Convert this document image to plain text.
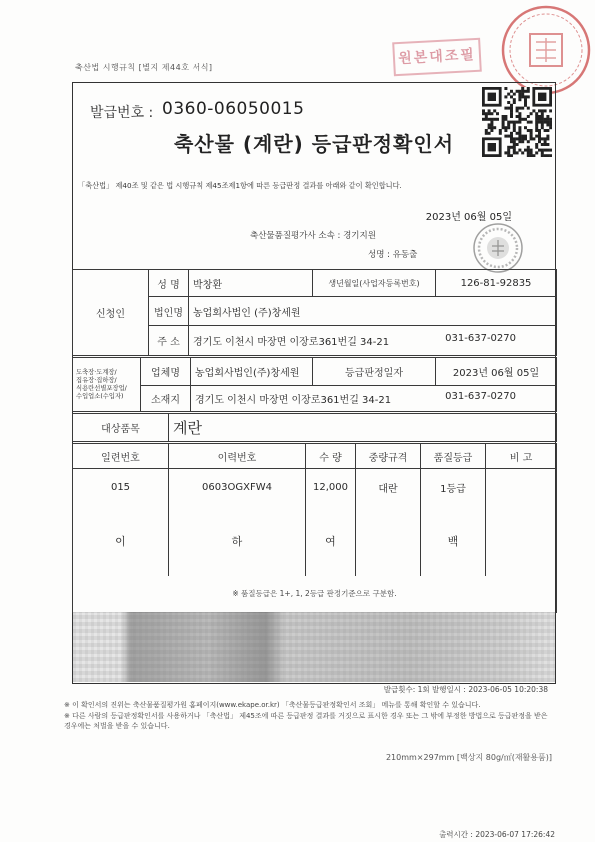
축산법 시행규칙 [별지 제44호 서식]
원본대조필
발급번호 : 0360-06050015
축산물 (계란) 등급판정확인서
「축산법」 제40조 및 같은 법 시행규칙 제45조제1항에 따른 등급판정 결과를 아래와 같이 확인합니다.
2023년 06월 05일
축산물품질평가사 소속 : 경기지원
성명 : 유동출
신청인	성 명	박창환	생년월일(사업자등록번호)	126-81-92835
	법인명	농업회사법인 (주)창세원		
	주 소	경기도 이천시 마장면 이장로361번길 34-21 031-637-0270		
도축장·도계장/
집유장·집하장/
식용란선별포장업/
수입업소(수입자)	업체명	농업회사법인(주)창세원	등급판정일자	2023년 06월 05일
	소재지	경기도 이천시 마장면 이장로361번길 34-21 031-637-0270		
대상품목	계란
일련번호	이력번호	수 량	중량규격	품질등급	비 고
015	0603OGXFW4	12,000	대란	1등급	
이	하	여		백	
※ 품질등급은 1+, 1, 2등급 판정기준으로 구분함.					
발급횟수: 1회 발행일시 : 2023-06-05 10:20:38
※ 이 확인서의 진위는 축산물품질평가원 홈페이지(www.ekape.or.kr) 「축산물등급판정확인서 조회」 메뉴를 통해 확인할 수 있습니다.
※ 다른 사람의 등급판정확인서를 사용하거나 「축산법」 제45조에 따른 등급판정 결과를 거짓으로 표시한 경우 또는 그 밖에 부정한 방법으로 등급판정을 받은 경우에는 처벌을 받을 수 있습니다.
210mm×297mm [백상지 80g/㎡(재활용품)]
출력시간 : 2023-06-07 17:26:42
